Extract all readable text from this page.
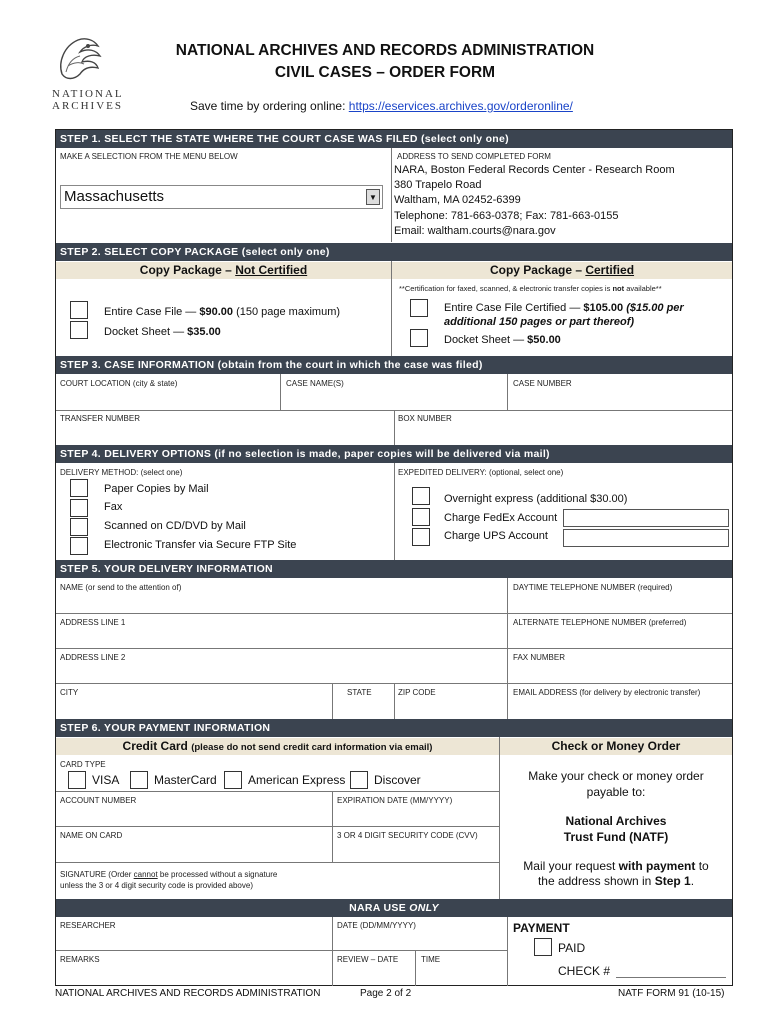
NATIONAL
ARCHIVES
NATIONAL ARCHIVES AND RECORDS ADMINISTRATION
CIVIL CASES – ORDER FORM
Save time by ordering online: https://eservices.archives.gov/orderonline/
STEP 1. SELECT THE STATE WHERE THE COURT CASE WAS FILED (select only one)
MAKE A SELECTION FROM THE MENU BELOW
Massachusetts	▼
ADDRESS TO SEND COMPLETED FORM
NARA, Boston Federal Records Center - Research Room
380 Trapelo Road
Waltham, MA 02452-6399
Telephone: 781-663-0378; Fax: 781-663-0155
Email: waltham.courts@nara.gov
STEP 2. SELECT COPY PACKAGE (select only one)
Copy Package – Not Certified	Copy Package – Certified
**Certification for faxed, scanned, & electronic transfer copies is not available**
Entire Case File — $90.00 (150 page maximum)
Docket Sheet — $35.00
Entire Case File Certified — $105.00 ($15.00 per
additional 150 pages or part thereof)
Docket Sheet — $50.00
STEP 3. CASE INFORMATION (obtain from the court in which the case was filed)
COURT LOCATION (city & state)	CASE NAME(S)	CASE NUMBER
TRANSFER NUMBER	BOX NUMBER
STEP 4. DELIVERY OPTIONS (if no selection is made, paper copies will be delivered via mail)
DELIVERY METHOD: (select one)
Paper Copies by Mail
Fax
Scanned on CD/DVD by Mail
Electronic Transfer via Secure FTP Site
EXPEDITED DELIVERY: (optional, select one)
Overnight express (additional $30.00)
Charge FedEx Account
Charge UPS Account
STEP 5. YOUR DELIVERY INFORMATION
NAME (or send to the attention of)	DAYTIME TELEPHONE NUMBER (required)
ADDRESS LINE 1	ALTERNATE TELEPHONE NUMBER (preferred)
ADDRESS LINE 2	FAX NUMBER
CITY	STATE	ZIP CODE	EMAIL ADDRESS (for delivery by electronic transfer)
STEP 6. YOUR PAYMENT INFORMATION
Credit Card (please do not send credit card information via email)	Check or Money Order
CARD TYPE
VISA	MasterCard	American Express Discover
ACCOUNT NUMBER	EXPIRATION DATE (MM/YYYY)
NAME ON CARD	3 OR 4 DIGIT SECURITY CODE (CVV)
SIGNATURE (Order cannot be processed without a signature
unless the 3 or 4 digit security code is provided above)
Make your check or money order
payable to:
National Archives
Trust Fund (NATF)
Mail your request with payment to
the address shown in Step 1.
NARA USE ONLY
RESEARCHER	DATE (DD/MM/YYYY)
REMARKS	REVIEW – DATE	TIME
PAYMENT
PAID
CHECK #
NATIONAL ARCHIVES AND RECORDS ADMINISTRATION	Page 2 of 2	NATF FORM 91 (10-15)
